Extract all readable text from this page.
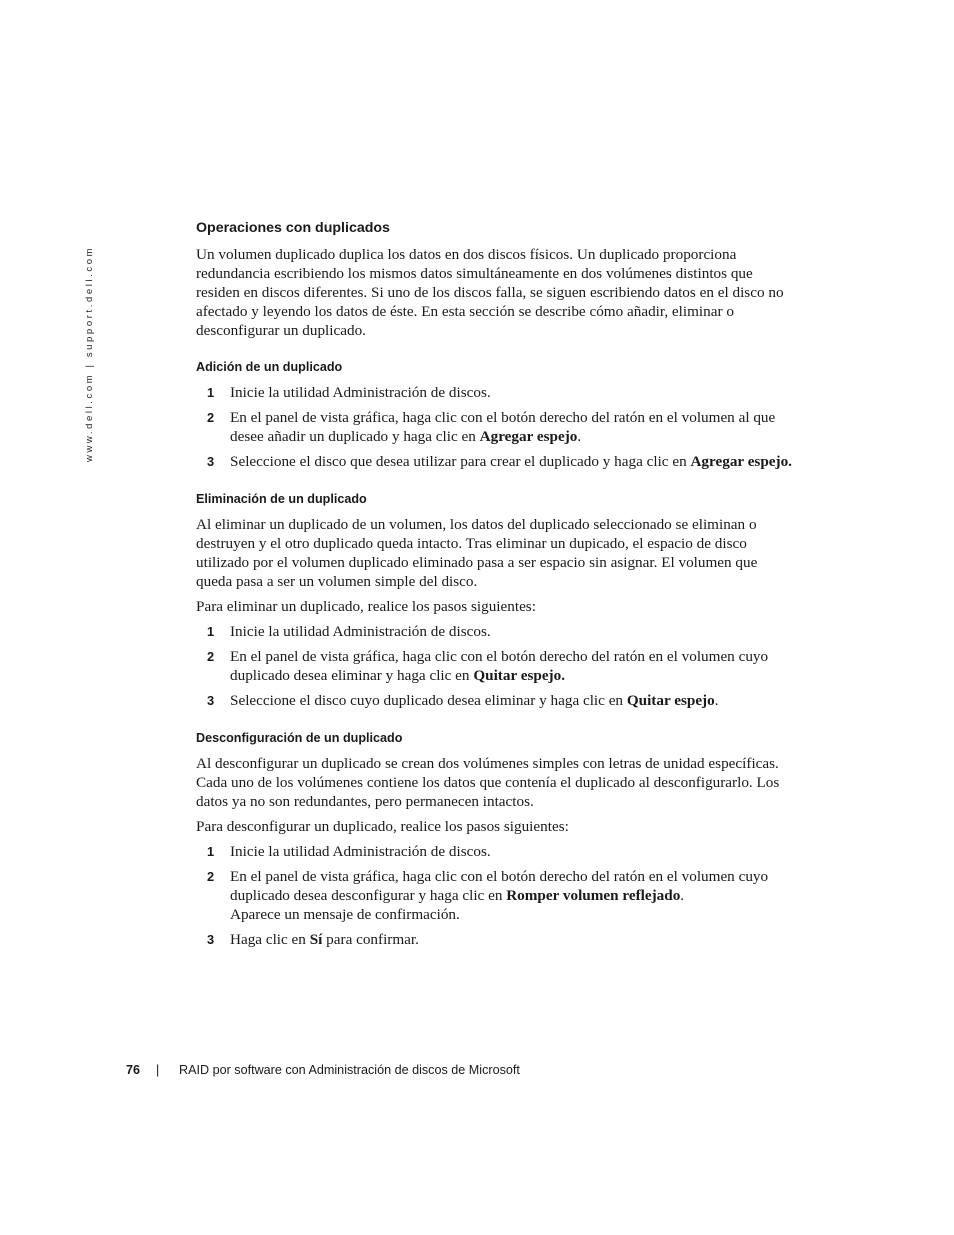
www.dell.com | support.dell.com
Operaciones con duplicados

Un volumen duplicado duplica los datos en dos discos físicos. Un duplicado proporciona redundancia escribiendo los mismos datos simultáneamente en dos volúmenes distintos que residen en discos diferentes. Si uno de los discos falla, se siguen escribiendo datos en el disco no afectado y leyendo los datos de éste. En esta sección se describe cómo añadir, eliminar o desconfigurar un duplicado.

Adición de un duplicado
1 Inicie la utilidad Administración de discos.
2 En el panel de vista gráfica, haga clic con el botón derecho del ratón en el volumen al que desee añadir un duplicado y haga clic en Agregar espejo.
3 Seleccione el disco que desea utilizar para crear el duplicado y haga clic en Agregar espejo.
Eliminación de un duplicado

Al eliminar un duplicado de un volumen, los datos del duplicado seleccionado se eliminan o destruyen y el otro duplicado queda intacto. Tras eliminar un dupicado, el espacio de disco utilizado por el volumen duplicado eliminado pasa a ser espacio sin asignar. El volumen que queda pasa a ser un volumen simple del disco.

Para eliminar un duplicado, realice los pasos siguientes:

1 Inicie la utilidad Administración de discos.
2 En el panel de vista gráfica, haga clic con el botón derecho del ratón en el volumen cuyo duplicado desea eliminar y haga clic en Quitar espejo.
3 Seleccione el disco cuyo duplicado desea eliminar y haga clic en Quitar espejo.
Desconfiguración de un duplicado

Al desconfigurar un duplicado se crean dos volúmenes simples con letras de unidad específicas. Cada uno de los volúmenes contiene los datos que contenía el duplicado al desconfigurarlo. Los datos ya no son redundantes, pero permanecen intactos.

Para desconfigurar un duplicado, realice los pasos siguientes:

1 Inicie la utilidad Administración de discos.
2 En el panel de vista gráfica, haga clic con el botón derecho del ratón en el volumen cuyo duplicado desea desconfigurar y haga clic en Romper volumen reflejado.
Aparece un mensaje de confirmación.
3 Haga clic en Sí para confirmar.
76 | RAID por software con Administración de discos de Microsoft
